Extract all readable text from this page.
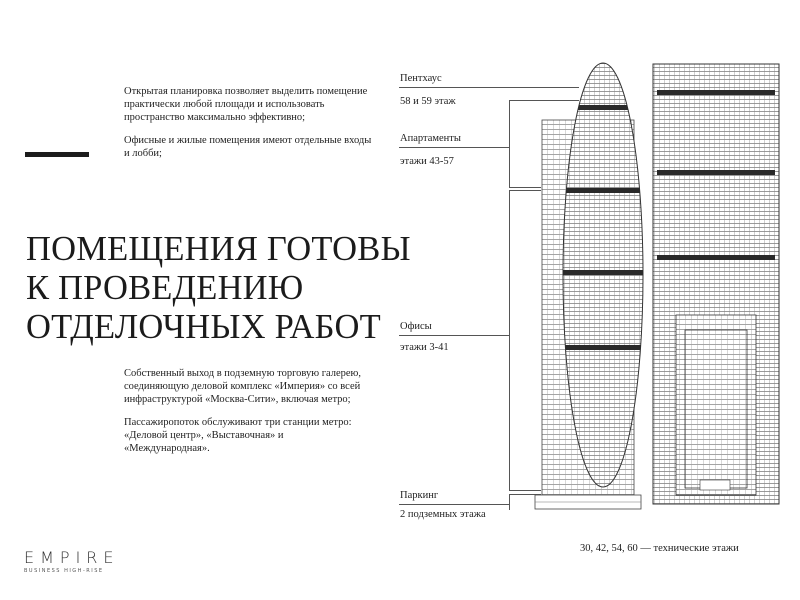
Открытая планировка позволяет выделить помещение практически любой площади и использовать пространство максимально эффективно;

Офисные и жилые помещения имеют отдельные входы и лобби;

ПОМЕЩЕНИЯ ГОТОВЫ
К ПРОВЕДЕНИЮ
ОТДЕЛОЧНЫХ РАБОТ

Собственный выход в подземную торговую галерею, соединяющую деловой комплекс «Империя» со всей инфраструктурой «Москва-Сити», включая метро;

Пассажиропоток обслуживают три станции метро: «Деловой центр», «Выставочная» и «Международная».

Пентхаус
58 и 59 этаж
Апартаменты
этажи 43-57
Офисы
этажи 3-41
Паркинг
2 подземных этажа
30, 42, 54, 60 — технические этажи
EMPIRE
BUSINESS HIGH-RISE
